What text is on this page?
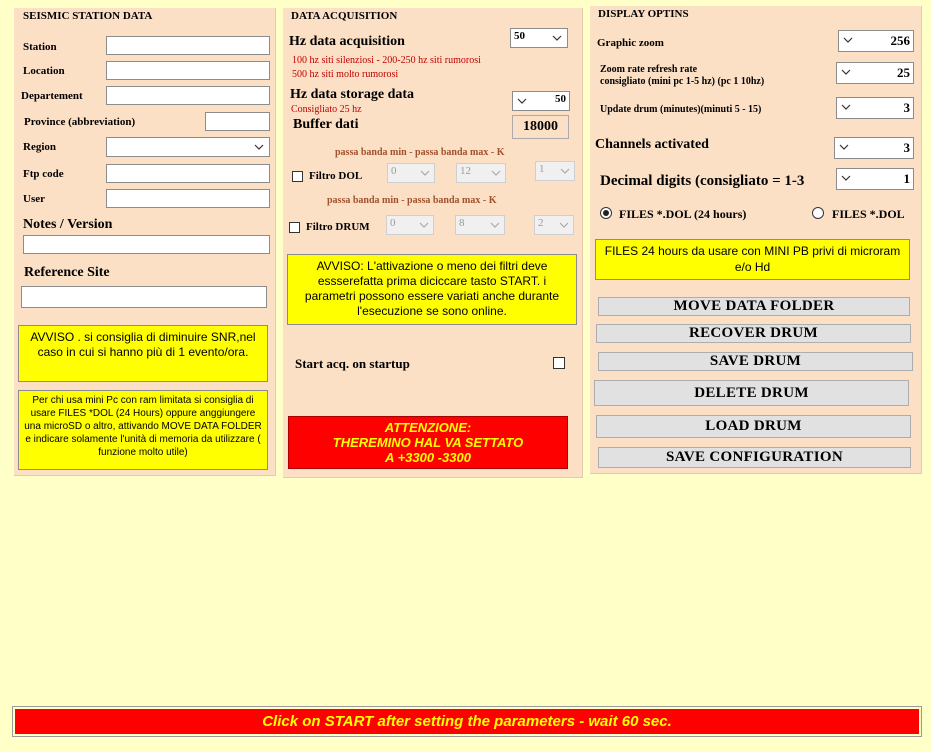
SEISMIC STATION DATA
Station
Location
Departement
Province (abbreviation)
Region
Ftp code
User
Notes / Version
Reference Site
AVVISO . si consiglia di diminuire SNR,nel caso in cui si hanno più di 1 evento/ora.
Per chi usa mini Pc con ram limitata si consiglia di usare FILES *DOL (24 Hours) oppure anggiungere una microSD o altro, attivando MOVE DATA FOLDER e indicare solamente l'unità di memoria da utilizzare ( funzione molto utile)
DATA ACQUISITION
Hz data acquisition	50
100 hz siti silenziosi - 200-250 hz siti rumorosi
500 hz siti molto rumorosi
Hz data storage data
Consigliato 25 hz
50
Buffer dati	18000
passa banda min - passa banda max - K
Filtro DOL	0	12	1
passa banda min - passa banda max - K
Filtro DRUM 0	8	2
AVVISO: L'attivazione o meno dei filtri deve essserefatta prima diciccare tasto START. i parametri possono essere variati anche durante l'esecuzione se sono online.
Start acq. on startup
ATTENZIONE:
THEREMINO HAL VA SETTATO
A +3300 -3300
DISPLAY OPTINS
Graphic zoom	256
Zoom rate refresh rate
consigliato (mini pc 1-5 hz) (pc 1 10hz)
25
Update drum (minutes)(minuti 5 - 15)	3
Channels activated	3
Decimal digits (consigliato = 1-3	1
FILES *.DOL (24 hours)	FILES *.DOL
FILES 24 hours da usare con MINI PB privi di microram e/o Hd
MOVE DATA FOLDER
RECOVER DRUM
SAVE DRUM
DELETE DRUM
LOAD DRUM
SAVE CONFIGURATION
Click on START after setting the parameters - wait 60 sec.
